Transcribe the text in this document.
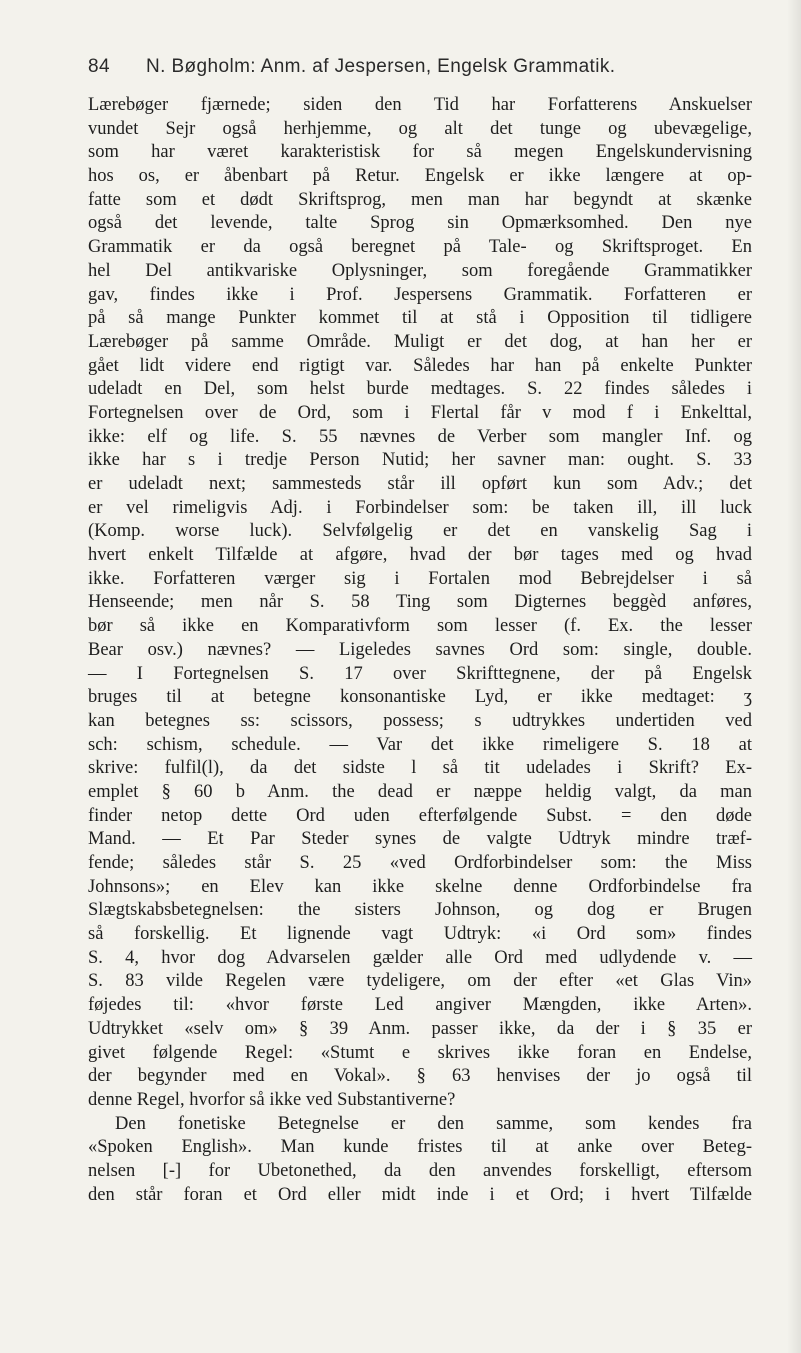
84 N. Bøgholm: Anm. af Jespersen, Engelsk Grammatik.
Lærebøger fjærnede; siden den Tid har Forfatterens Anskuelser
vundet Sejr også herhjemme, og alt det tunge og ubevægelige,
som har været karakteristisk for så megen Engelskundervisning
hos os, er åbenbart på Retur. Engelsk er ikke længere at op-
fatte som et dødt Skriftsprog, men man har begyndt at skænke
også det levende, talte Sprog sin Opmærksomhed. Den nye
Grammatik er da også beregnet på Tale- og Skriftsproget. En
hel Del antikvariske Oplysninger, som foregående Grammatikker
gav, findes ikke i Prof. Jespersens Grammatik. Forfatteren er
på så mange Punkter kommet til at stå i Opposition til tidligere
Lærebøger på samme Område. Muligt er det dog, at han her er
gået lidt videre end rigtigt var. Således har han på enkelte Punkter
udeladt en Del, som helst burde medtages. S. 22 findes således i
Fortegnelsen over de Ord, som i Flertal får v mod f i Enkelttal,
ikke: elf og life. S. 55 nævnes de Verber som mangler Inf. og
ikke har s i tredje Person Nutid; her savner man: ought. S. 33
er udeladt next; sammesteds står ill opført kun som Adv.; det
er vel rimeligvis Adj. i Forbindelser som: be taken ill, ill luck
(Komp. worse luck). Selvfølgelig er det en vanskelig Sag i
hvert enkelt Tilfælde at afgøre, hvad der bør tages med og hvad
ikke. Forfatteren værger sig i Fortalen mod Bebrejdelser i så
Henseende; men når S. 58 Ting som Digternes beggèd anføres,
bør så ikke en Komparativform som lesser (f. Ex. the lesser
Bear osv.) nævnes? — Ligeledes savnes Ord som: single, double.
— I Fortegnelsen S. 17 over Skrifttegnene, der på Engelsk
bruges til at betegne konsonantiske Lyd, er ikke medtaget: ʒ
kan betegnes ss: scissors, possess; s udtrykkes undertiden ved
sch: schism, schedule. — Var det ikke rimeligere S. 18 at
skrive: fulfil(l), da det sidste l så tit udelades i Skrift? Ex-
emplet § 60 b Anm. the dead er næppe heldig valgt, da man
finder netop dette Ord uden efterfølgende Subst. = den døde
Mand. — Et Par Steder synes de valgte Udtryk mindre træf-
fende; således står S. 25 «ved Ordforbindelser som: the Miss
Johnsons»; en Elev kan ikke skelne denne Ordforbindelse fra
Slægtskabsbetegnelsen: the sisters Johnson, og dog er Brugen
så forskellig. Et lignende vagt Udtryk: «i Ord som» findes
S. 4, hvor dog Advarselen gælder alle Ord med udlydende v. —
S. 83 vilde Regelen være tydeligere, om der efter «et Glas Vin»
føjedes til: «hvor første Led angiver Mængden, ikke Arten».
Udtrykket «selv om» § 39 Anm. passer ikke, da der i § 35 er
givet følgende Regel: «Stumt e skrives ikke foran en Endelse,
der begynder med en Vokal». § 63 henvises der jo også til
denne Regel, hvorfor så ikke ved Substantiverne?
Den fonetiske Betegnelse er den samme, som kendes fra
«Spoken English». Man kunde fristes til at anke over Beteg-
nelsen [-] for Ubetonethed, da den anvendes forskelligt, eftersom
den står foran et Ord eller midt inde i et Ord; i hvert Tilfælde
